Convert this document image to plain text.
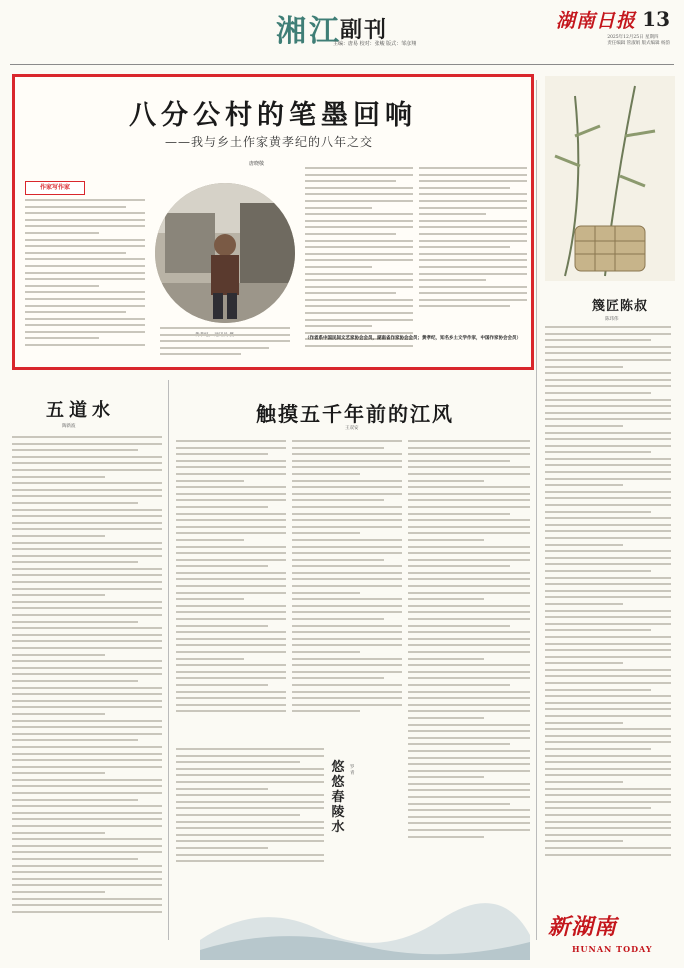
湘江
副刊
主编：唐易 校对：张峻 版式：邹彦翔
湖南日报 13
2025年12月25日 星期四
责任编辑 管淑娟 版式编辑 杨韵
八分公村的笔墨回响
——我与乡土作家黄孝纪的八年之交
唐晓敬
作家写作家
（作者系中国民间文艺家协会会员，湖南省作家协会会员；黄孝纪，知名乡土文学作家，中国作家协会会员）
篾匠陈叔
陈玮伟
五道水
陶新波
触摸五千年前的江风
王双安
悠悠春陵水
罗青
新湖南
HUNAN TODAY
